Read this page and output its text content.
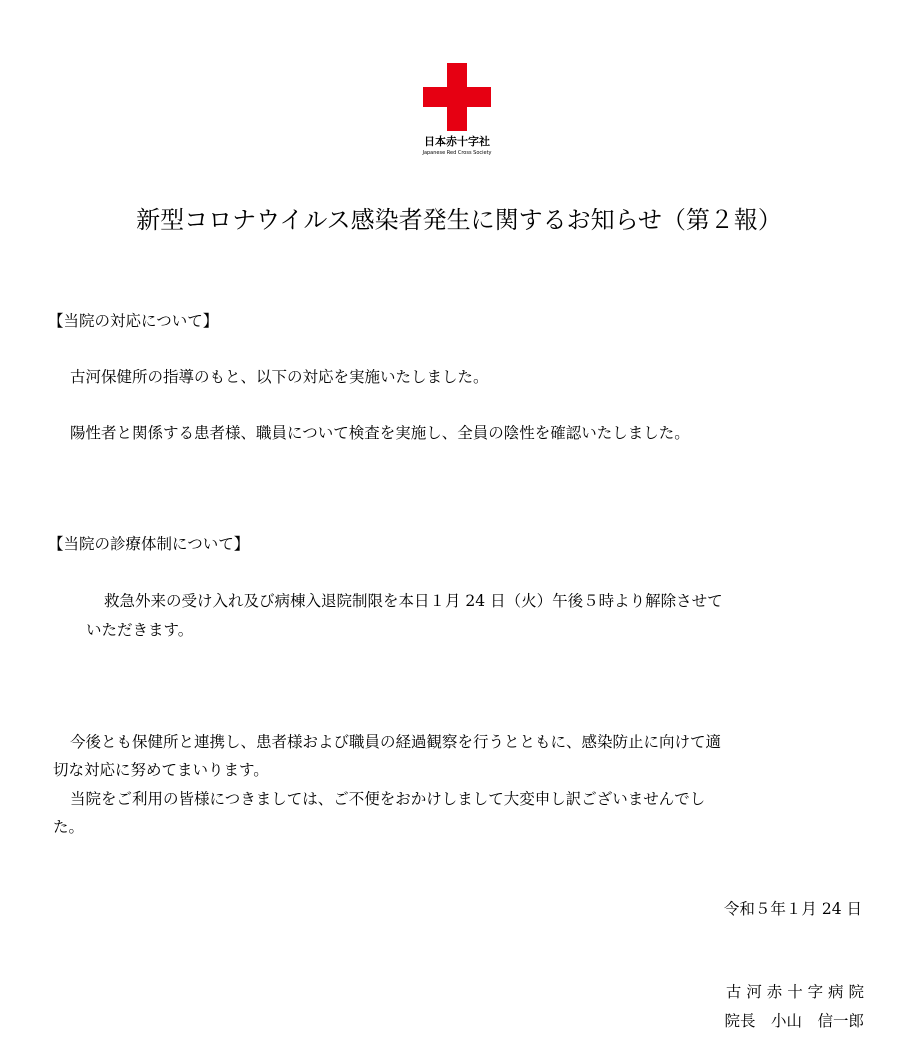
日本赤十字社
Japanese Red Cross Society
新型コロナウイルス感染者発生に関するお知らせ（第２報）
【当院の対応について】
古河保健所の指導のもと、以下の対応を実施いたしました。
陽性者と関係する患者様、職員について検査を実施し、全員の陰性を確認いたしました。
【当院の診療体制について】
救急外来の受け入れ及び病棟入退院制限を本日１月 24 日（火）午後５時より解除させて
いただきます。
今後とも保健所と連携し、患者様および職員の経過観察を行うとともに、感染防止に向けて適
切な対応に努めてまいります。
当院をご利用の皆様につきましては、ご不便をおかけしまして大変申し訳ございませんでし
た。
令和５年１月 24 日
古 河 赤 十 字 病 院
院長　小山　信一郎
